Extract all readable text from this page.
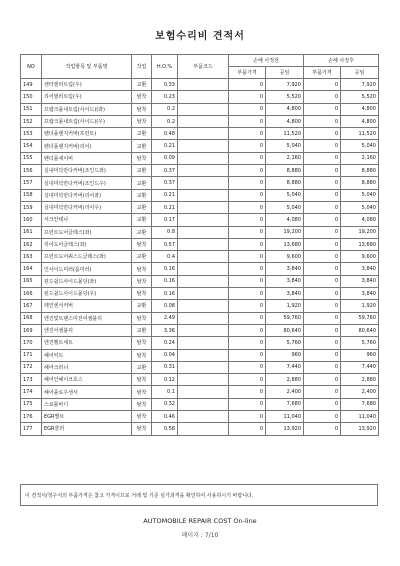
보험수리비 견적서
NO	작업항목 및 부품명	작업	H.O.%	부품코드	손해 사정전		손해 사정후	
					부품가격	공임	부품가격	공임
149	센터필러트림(우)	교환	0.33		0	7,920	0	7,920
150	리어필러트림(우)	탈착	0.23		0	5,520	0	5,520
151	프램크몰내트림(사이드)(좌)	탈착	0.2		0	4,800	0	4,800
152	프램크몰내트림(사이드)(우)	탈착	0.2		0	4,800	0	4,800
153	펜더플랜지커버(프런트)	교환	0.48		0	11,520	0	11,520
154	펜더플랜지커버(리어)	교환	0.21		0	5,040	0	5,040
155	펜더몰셰이버	탈착	0.09		0	2,160	0	2,160
156	실내미닥만다커버(조인드좌)	교환	0.37		0	8,880	0	8,880
157	실내미닥만다커버(조인드우)	교환	0.37		0	8,880	0	8,880
158	실내미닥만다커버(리어좌)	교환	0.21		0	5,040	0	5,040
159	실내미닥만다커버(리어우)	교환	0.21		0	5,040	0	5,040
160	서크안테나	교환	0.17		0	4,080	0	4,080
161	프런트도어글래스(좌)	교환	0.8		0	19,200	0	19,200
162	리어도어글래스(좌)	탈착	0.57		0	13,680	0	13,680
163	프런트도어쿼스드글래스(좌)	교환	0.4		0	9,600	0	9,600
164	인사이드미러(룸미러)	탈착	0.16		0	3,840	0	3,840
165	윈드쉴드사이드몰딩(좌)	탈착	0.16		0	3,840	0	3,840
166	윈드쉴드사이드몰딩(우)	탈착	0.16		0	3,840	0	3,840
167	레인센서커버	교환	0.08		0	1,920	0	1,920
168	엔진및트랜스미션어셈블리	탈착	2.49		0	59,760	0	59,760
169	엔진어셈블리	교환	3.36		0	80,640	0	80,640
170	엔진벨트세트	탈착	0.24		0	5,760	0	5,760
171	헤어익트	탈착	0.04		0	960	0	960
172	헤어크러너	교환	0.31		0	7,440	0	7,440
173	헤어인헤이크호스	탈착	0.12		0	2,880	0	2,880
174	헤어플로우센서	탈착	0.1		0	2,400	0	2,400
175	스로틀바디	탈착	0.32		0	7,680	0	7,680
176	EGR밸브	탈착	0.46		0	11,040	0	11,040
177	EGR쿨러	탈착	0.58		0	13,920	0	13,920
이 견적서/청구서의 부품가격은 참고 가격이므로 거래 및 기준 심가과격을 확인하여 사용하시기 바랍니다.
AUTOMOBILE REPAIR COST On-line
페이지 : 7/10
